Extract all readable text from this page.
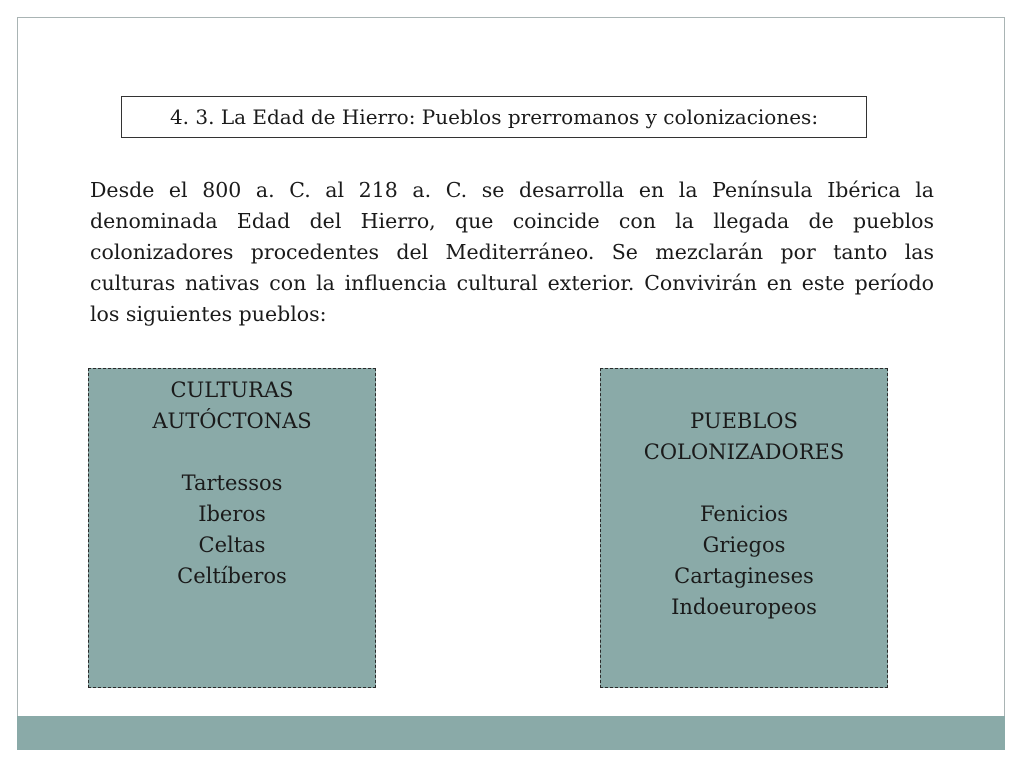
4. 3. La Edad de Hierro: Pueblos prerromanos y colonizaciones:

Desde el 800 a. C. al 218 a. C. se desarrolla en la Península Ibérica la denominada Edad del Hierro, que coincide con la llegada de pueblos colonizadores procedentes del Mediterráneo. Se mezclarán por tanto las culturas nativas con la influencia cultural exterior. Convivirán en este período los siguientes pueblos:

CULTURAS
AUTÓCTONAS
Tartessos
Iberos
Celtas
Celtíberos
PUEBLOS
COLONIZADORES
Fenicios
Griegos
Cartagineses
Indoeuropeos
